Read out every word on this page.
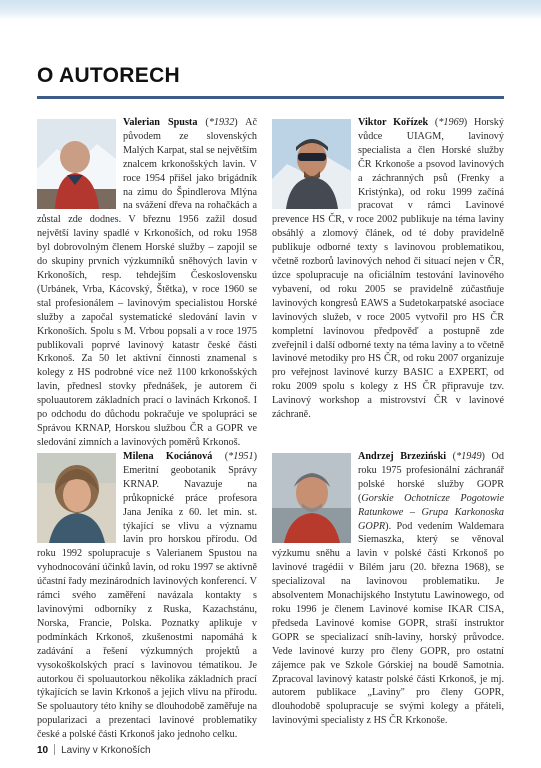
O AUTORECH

Valerian Spusta (*1932) Ač původem ze slovenských Malých Karpat, stal se největším znalcem krkonošských lavin. V roce 1954 přišel jako brigádník na zimu do Špindlerova Mlýna na svážení dřeva na rohačkách a zůstal zde dodnes. V březnu 1956 zažil dosud největší laviny spadlé v Krkonoších, od roku 1958 byl dobrovolným členem Horské služby – zapojil se do skupiny prvních výzkumníků sněhových lavin v Krkonoších, resp. tehdejším Československu (Urbánek, Vrba, Kácovský, Štětka), v roce 1960 se stal profesionálem – lavinovým specialistou Horské služby a započal systematické sledování lavin v Krkonoších. Spolu s M. Vrbou popsali a v roce 1975 publikovali poprvé lavinový katastr české části Krkonoš. Za 50 let aktivní činnosti znamenal s kolegy z HS podrobné více než 1100 krkonošských lavin, přednesl stovky přednášek, je autorem či spoluautorem základních prací o lavinách Krkonoš. I po odchodu do důchodu pokračuje ve spolupráci se Správou KRNAP, Horskou službou ČR a GOPR ve sledování zimních a lavinových poměrů Krkonoš.

Viktor Kořízek (*1969) Horský vůdce UIAGM, lavinový specialista a člen Horské služby ČR Krkonoše a psovod lavinových a záchranných psů (Frenky a Kristýnka), od roku 1999 začíná pracovat v rámci Lavinové prevence HS ČR, v roce 2002 publikuje na téma laviny obsáhlý a zlomový článek, od té doby pravidelně publikuje odborné texty s lavinovou problematikou, včetně rozborů lavinových nehod či situací nejen v ČR, úzce spolupracuje na oficiálním testování lavinového vybavení, od roku 2005 se pravidelně zúčastňuje lavinových kongresů EAWS a Sudetokarpatské asociace lavinových služeb, v roce 2005 vytvořil pro HS ČR kompletní lavinovou předpověď a postupně zde zveřejnil i další odborné texty na téma laviny a to včetně lavinové metodiky pro HS ČR, od roku 2007 organizuje pro veřejnost lavinové kurzy BASIC a EXPERT, od roku 2009 spolu s kolegy z HS ČR připravuje tzv. Lavinový workshop a mistrovství ČR v lavinové záchraně.

Milena Kociánová (*1951) Emeritní geobotanik Správy KRNAP. Navazuje na průkopnické práce profesora Jana Jeníka z 60. let min. st. týkající se vlivu a významu lavin pro horskou přírodu. Od roku 1992 spolupracuje s Valerianem Spustou na vyhodnocování účinků lavin, od roku 1997 se aktivně účastní řady mezinárodních lavinových konferencí. V rámci svého zaměření navázala kontakty s lavinovými odborníky z Ruska, Kazachstánu, Norska, Francie, Polska. Poznatky aplikuje v podmínkách Krkonoš, zkušenostmi napomáhá k zadávání a řešení výzkumných projektů a vysokoškolských prací s lavinovou tématikou. Je autorkou či spoluautorkou několika základních prací týkajících se lavin Krkonoš a jejich vlivu na přírodu. Se spoluautory této knihy se dlouhodobě zaměřuje na popularizaci a prezentaci lavinové problematiky české a polské části Krkonoš jako jednoho celku.

Andrzej Brzeziński (*1949) Od roku 1975 profesionální záchranář polské horské služby GOPR (Gorskie Ochotnicze Pogotowie Ratunkowe – Grupa Karkonoska GOPR). Pod vedením Waldemara Siemaszka, který se věnoval výzkumu sněhu a lavin v polské části Krkonoš po lavinové tragédii v Bílém jaru (20. března 1968), se specializoval na lavinovou problematiku. Je absolventem Monachijského Instytutu Lawinowego, od roku 1996 je členem Lavinové komise IKAR CISA, předseda Lavinové komise GOPR, straší instruktor GOPR se specializací sníh-laviny, horský průvodce. Vede lavinové kurzy pro členy GOPR, pro ostatní zájemce pak ve Szkole Górskiej na boudě Samotnia. Zpracoval lavinový katastr polské části Krkonoš, je mj. autorem publikace „Laviny" pro členy GOPR, dlouhodobě spolupracuje se svými kolegy a přáteli, lavinovými specialisty z HS ČR Krkonoše.

10 Laviny v Krkonoších
